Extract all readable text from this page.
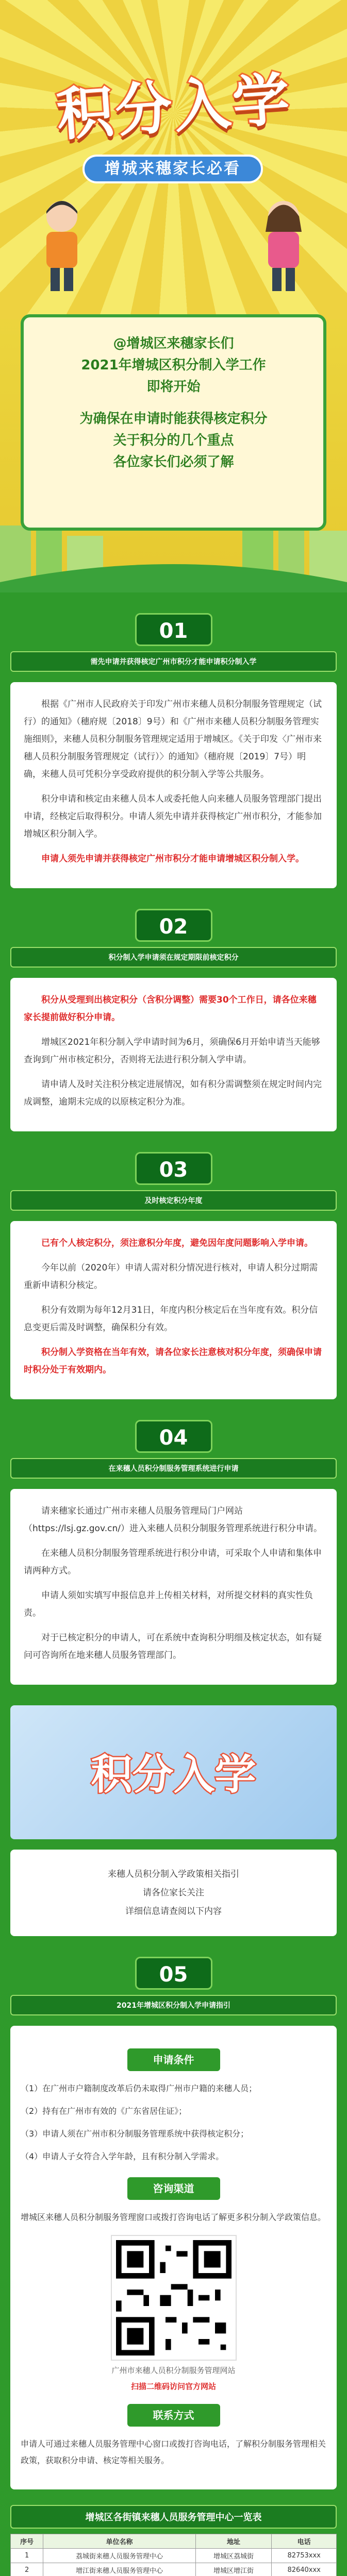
积分入学
增城来穗家长必看

@增城区来穗家长们
2021年增城区积分制入学工作
即将开始

为确保在申请时能获得核定积分
关于积分的几个重点
各位家长们必须了解

01
需先申请并获得核定广州市积分才能申请积分制入学

根据《广州市人民政府关于印发广州市来穗人员积分制服务管理规定（试行）的通知》（穗府规〔2018〕9号）和《广州市来穗人员积分制服务管理实施细则》，来穗人员积分制服务管理规定适用于增城区。《关于印发〈广州市来穗人员积分制服务管理规定（试行）〉的通知》（穗府规〔2019〕7号）明确，来穗人员可凭积分享受政府提供的积分制入学等公共服务。

积分申请和核定由来穗人员本人或委托他人向来穗人员服务管理部门提出申请，经核定后取得积分。申请人须先申请并获得核定广州市积分，才能参加增城区积分制入学。

申请人须先申请并获得核定广州市积分才能申请增城区积分制入学。

02
积分制入学申请须在规定期限前核定积分

积分从受理到出核定积分（含积分调整）需要30个工作日，请各位来穗家长提前做好积分申请。

增城区2021年积分制入学申请时间为6月，须确保6月开始申请当天能够查询到广州市核定积分，否则将无法进行积分制入学申请。

请申请人及时关注积分核定进展情况，如有积分需调整须在规定时间内完成调整，逾期未完成的以原核定积分为准。

03
及时核定积分年度

已有个人核定积分，须注意积分年度，避免因年度问题影响入学申请。

今年以前（2020年）申请人需对积分情况进行核对，申请人积分过期需重新申请积分核定。

积分有效期为每年12月31日，年度内积分核定后在当年度有效。积分信息变更后需及时调整，确保积分有效。

积分制入学资格在当年有效，请各位家长注意核对积分年度，须确保申请时积分处于有效期内。

04
在来穗人员积分制服务管理系统进行申请

请来穗家长通过广州市来穗人员服务管理局门户网站（https://lsj.gz.gov.cn/）进入来穗人员积分制服务管理系统进行积分申请。

在来穗人员积分制服务管理系统进行积分申请，可采取个人申请和集体申请两种方式。

申请人须如实填写申报信息并上传相关材料，对所提交材料的真实性负责。

对于已核定积分的申请人，可在系统中查询积分明细及核定状态，如有疑问可咨询所在地来穗人员服务管理部门。

积分入学
来穗人员积分制入学政策相关指引
请各位家长关注
详细信息请查阅以下内容
05
2021年增城区积分制入学申请指引
申请条件

（1）在广州市户籍制度改革后仍未取得广州市户籍的来穗人员；

（2）持有在广州市有效的《广东省居住证》；

（3）申请人须在广州市积分制服务管理系统中获得核定积分；

（4）申请人子女符合入学年龄，且有积分制入学需求。

咨询渠道
增城区来穗人员积分制服务管理窗口或拨打咨询电话了解更多积分制入学政策信息。
广州市来穗人员积分制服务管理网站
扫描二维码访问官方网站
联系方式
申请人可通过来穗人员服务管理中心窗口或拨打咨询电话，了解积分制服务管理相关政策，获取积分申请、核定等相关服务。
增城区各街镇来穗人员服务管理中心一览表
序号	单位名称	地址	电话
1	荔城街来穗人员服务管理中心	增城区荔城街	82753xxx
2	增江街来穗人员服务管理中心	增城区增江街	82640xxx
